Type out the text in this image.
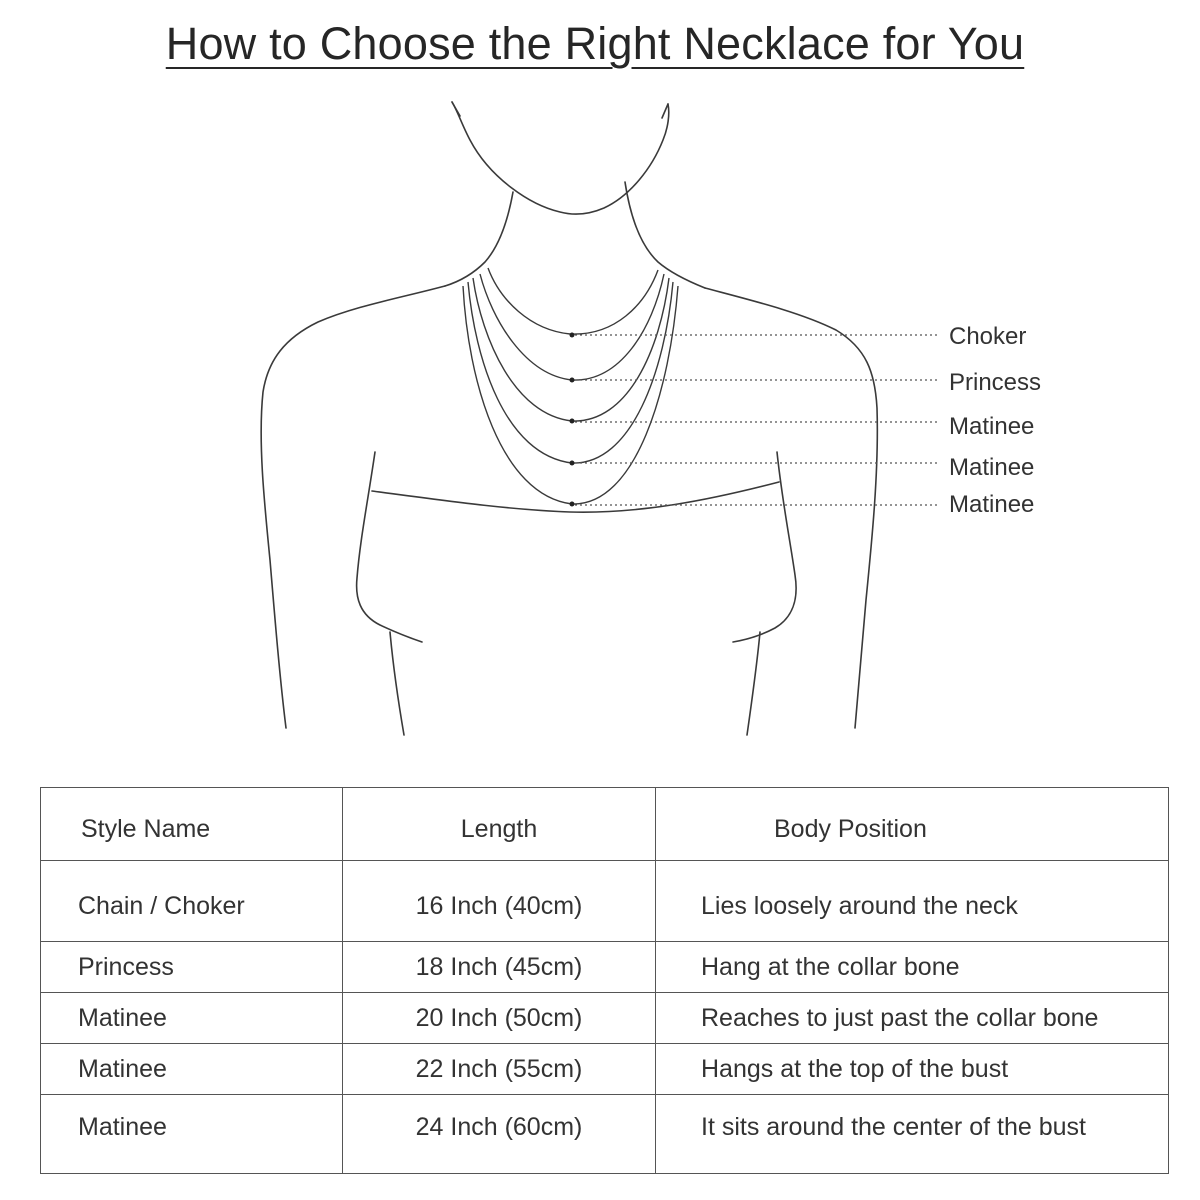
How to Choose the Right Necklace for You
Choker
Princess
Matinee
Matinee
Matinee
Style Name	Length	Body Position
Chain / Choker	16 Inch (40cm)	Lies loosely around the neck
Princess	18 Inch (45cm)	Hang at the collar bone
Matinee	20 Inch (50cm)	Reaches to just past the collar bone
Matinee	22 Inch (55cm)	Hangs at the top of the bust
Matinee	24 Inch (60cm)	It sits around the center of the bust
